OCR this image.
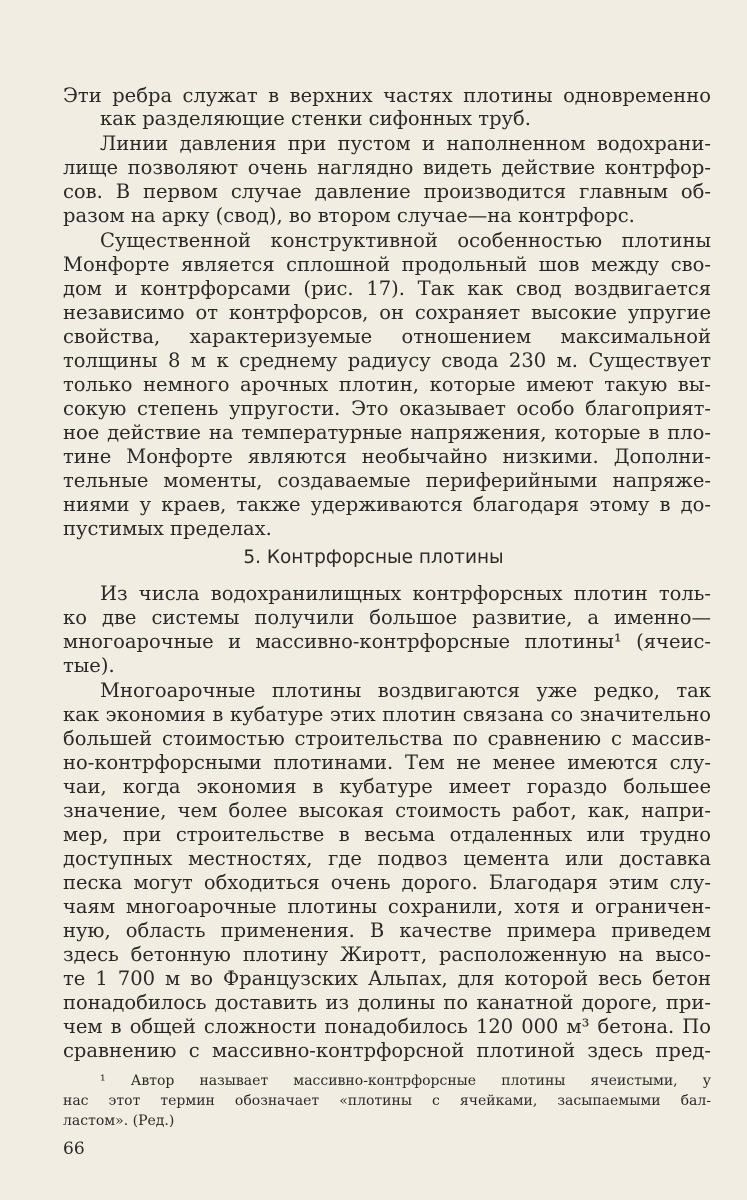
Эти ребра служат в верхних частях плотины одновременно
как разделяющие стенки сифонных труб.
Линии давления при пустом и наполненном водохрани-
лище позволяют очень наглядно видеть действие контрфор-
сов. В первом случае давление производится главным об-
разом на арку (свод), во втором случае—на контрфорс.
Существенной конструктивной особенностью плотины
Монфорте является сплошной продольный шов между сво-
дом и контрфорсами (рис. 17). Так как свод воздвигается
независимо от контрфорсов, он сохраняет высокие упругие
свойства, характеризуемые отношением максимальной
толщины 8 м к среднему радиусу свода 230 м. Существует
только немного арочных плотин, которые имеют такую вы-
сокую степень упругости. Это оказывает особо благоприят-
ное действие на температурные напряжения, которые в пло-
тине Монфорте являются необычайно низкими. Дополни-
тельные моменты, создаваемые периферийными напряже-
ниями у краев, также удерживаются благодаря этому в до-
пустимых пределах.
5. Контрфорсные плотины
Из числа водохранилищных контрфорсных плотин толь-
ко две системы получили большое развитие, а именно—
многоарочные и массивно-контрфорсные плотины¹ (ячеис-
тые).
Многоарочные плотины воздвигаются уже редко, так
как экономия в кубатуре этих плотин связана со значительно
большей стоимостью строительства по сравнению с массив-
но-контрфорсными плотинами. Тем не менее имеются слу-
чаи, когда экономия в кубатуре имеет гораздо большее
значение, чем более высокая стоимость работ, как, напри-
мер, при строительстве в весьма отдаленных или трудно
доступных местностях, где подвоз цемента или доставка
песка могут обходиться очень дорого. Благодаря этим слу-
чаям многоарочные плотины сохранили, хотя и ограничен-
ную, область применения. В качестве примера приведем
здесь бетонную плотину Жиротт, расположенную на высо-
те 1 700 м во Французских Альпах, для которой весь бетон
понадобилось доставить из долины по канатной дороге, при-
чем в общей сложности понадобилось 120 000 м³ бетона. По
сравнению с массивно-контрфорсной плотиной здесь пред-
¹ Автор называет массивно-контрфорсные плотины ячеистыми, у
нас этот термин обозначает «плотины с ячейками, засыпаемыми бал-
ластом». (Ред.)
66
